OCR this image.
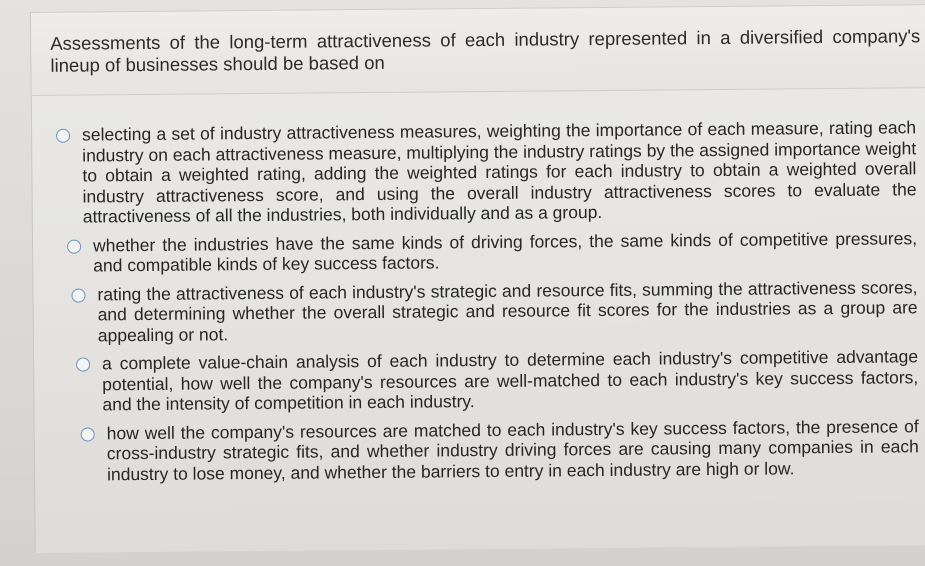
Assessments of the long-term attractiveness of each industry represented in a diversified company's lineup of businesses should be based on
selecting a set of industry attractiveness measures, weighting the importance of each measure, rating each industry on each attractiveness measure, multiplying the industry ratings by the assigned importance weight to obtain a weighted rating, adding the weighted ratings for each industry to obtain a weighted overall industry attractiveness score, and using the overall industry attractiveness scores to evaluate the attractiveness of all the industries, both individually and as a group.
whether the industries have the same kinds of driving forces, the same kinds of competitive pressures, and compatible kinds of key success factors.
rating the attractiveness of each industry's strategic and resource fits, summing the attractiveness scores, and determining whether the overall strategic and resource fit scores for the industries as a group are appealing or not.
a complete value-chain analysis of each industry to determine each industry's competitive advantage potential, how well the company's resources are well-matched to each industry's key success factors, and the intensity of competition in each industry.
how well the company's resources are matched to each industry's key success factors, the presence of cross-industry strategic fits, and whether industry driving forces are causing many companies in each industry to lose money, and whether the barriers to entry in each industry are high or low.
